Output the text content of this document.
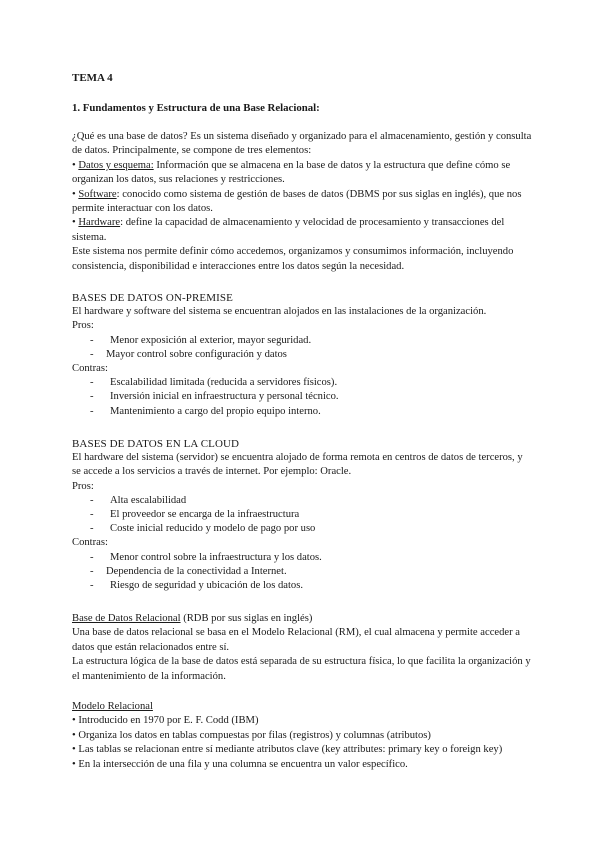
TEMA 4

1. Fundamentos y Estructura de una Base Relacional:

¿Qué es una base de datos? Es un sistema diseñado y organizado para el almacenamiento, gestión y consulta de datos. Principalmente, se compone de tres elementos:

• Datos y esquema: Información que se almacena en la base de datos y la estructura que define cómo se organizan los datos, sus relaciones y restricciones.

• Software: conocido como sistema de gestión de bases de datos (DBMS por sus siglas en inglés), que nos permite interactuar con los datos.

• Hardware: define la capacidad de almacenamiento y velocidad de procesamiento y transacciones del sistema.

Este sistema nos permite definir cómo accedemos, organizamos y consumimos información, incluyendo consistencia, disponibilidad e interacciones entre los datos según la necesidad.

BASES DE DATOS ON-PREMISE

El hardware y software del sistema se encuentran alojados en las instalaciones de la organización.

Pros:

- Menor exposición al exterior, mayor seguridad.
- Mayor control sobre configuración y datos

Contras:

- Escalabilidad limitada (reducida a servidores físicos).
- Inversión inicial en infraestructura y personal técnico.
- Mantenimiento a cargo del propio equipo interno.

BASES DE DATOS EN LA CLOUD

El hardware del sistema (servidor) se encuentra alojado de forma remota en centros de datos de terceros, y se accede a los servicios a través de internet. Por ejemplo: Oracle.

Pros:

- Alta escalabilidad
- El proveedor se encarga de la infraestructura
- Coste inicial reducido y modelo de pago por uso

Contras:

- Menor control sobre la infraestructura y los datos.
- Dependencia de la conectividad a Internet.
- Riesgo de seguridad y ubicación de los datos.

Base de Datos Relacional (RDB por sus siglas en inglés)

Una base de datos relacional se basa en el Modelo Relacional (RM), el cual almacena y permite acceder a datos que están relacionados entre sí.

La estructura lógica de la base de datos está separada de su estructura física, lo que facilita la organización y el mantenimiento de la información.

Modelo Relacional

• Introducido en 1970 por E. F. Codd (IBM)

• Organiza los datos en tablas compuestas por filas (registros) y columnas (atributos)

• Las tablas se relacionan entre sí mediante atributos clave (key attributes: primary key o foreign key)

• En la intersección de una fila y una columna se encuentra un valor específico.
